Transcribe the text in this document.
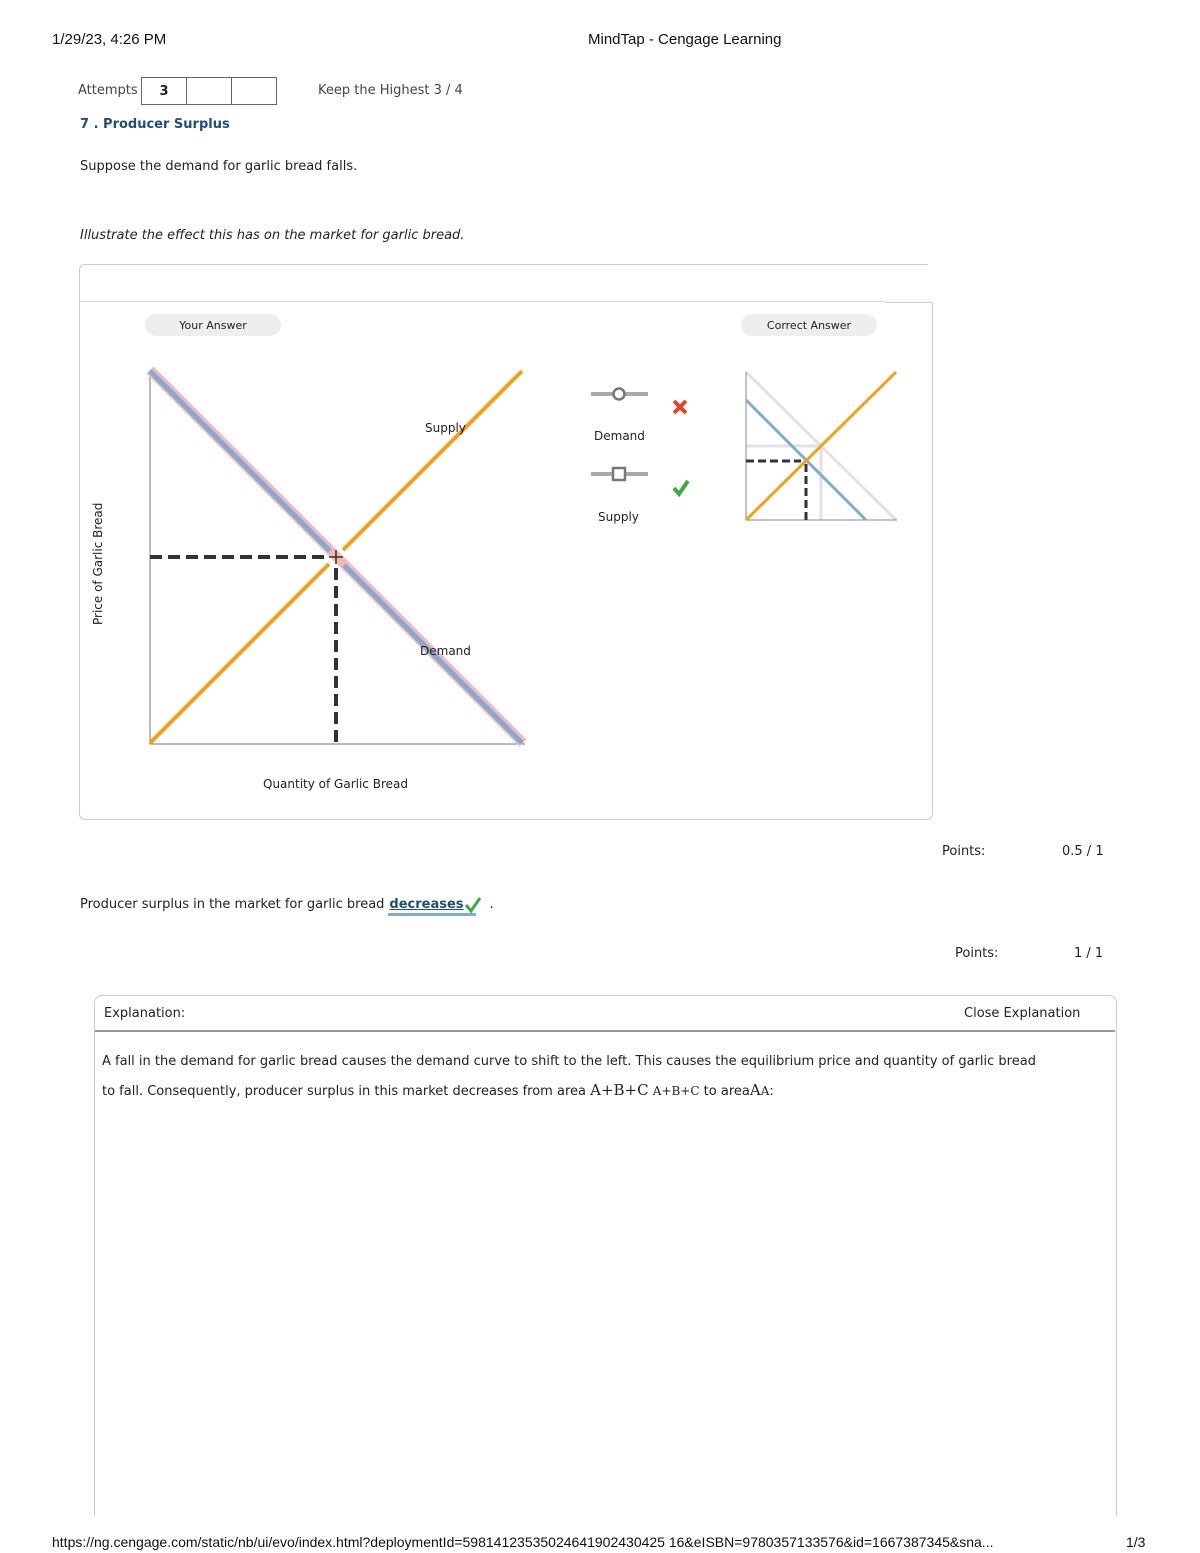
1/29/23, 4:26 PM	MindTap - Cengage Learning
Attempts	3	Keep the Highest 3 / 4
7 . Producer Surplus
Suppose the demand for garlic bread falls.
Illustrate the effect this has on the market for garlic bread.
Your Answer	Correct Answer
Supply
Demand
Price of Garlic Bread
Quantity of Garlic Bread
Demand
Supply
Points:	0.5 / 1
Producer surplus in the market for garlic bread decreases	.
Points:	1 / 1
Explanation:	Close Explanation
A fall in the demand for garlic bread causes the demand curve to shift to the left. This causes the equilibrium price and quantity of garlic bread
to fall. Consequently, producer surplus in this market decreases from area A+B+C A+B+C to areaAA:
https://ng.cengage.com/static/nb/ui/evo/index.html?deploymentId=59814123535024641902430425 16&eISBN=9780357133576&id=1667387345&sna...	1/3
